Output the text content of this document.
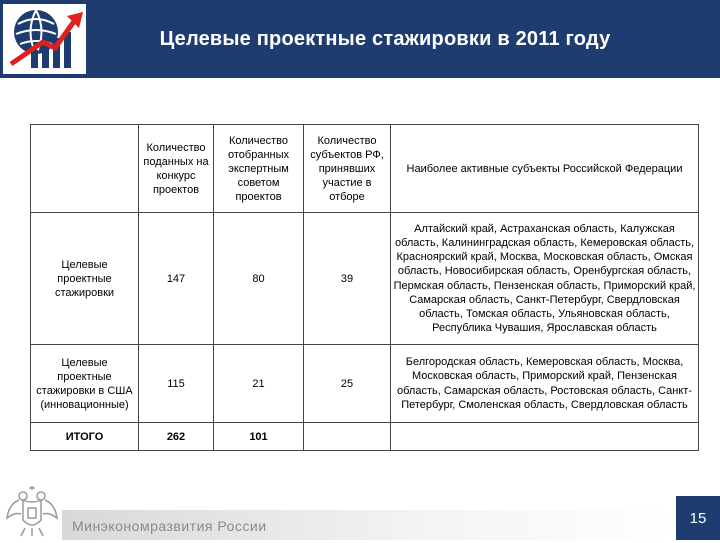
Целевые проектные стажировки в 2011 году
	Количество поданных на конкурс проектов	Количество отобранных экспертным советом проектов	Количество субъектов РФ, принявших участие в отборе	Наиболее активные субъекты Российской Федерации
Целевые проектные стажировки	147	80	39	Алтайский край, Астраханская область, Калужская область, Калининградская область, Кемеровская область, Красноярский край, Москва, Московская область, Омская область, Новосибирская область, Оренбургская область, Пермская область, Пензенская область, Приморский край, Самарская область, Санкт-Петербург, Свердловская область, Томская область, Ульяновская область, Республика Чувашия, Ярославская область
Целевые проектные стажировки в США (инновационные)	115	21	25	Белгородская область, Кемеровская область, Москва, Московская область, Приморский край, Пензенская область, Самарская область, Ростовская область, Санкт-Петербург, Смоленская область, Свердловская область
ИТОГО	262	101		
Минэкономразвития России	15
